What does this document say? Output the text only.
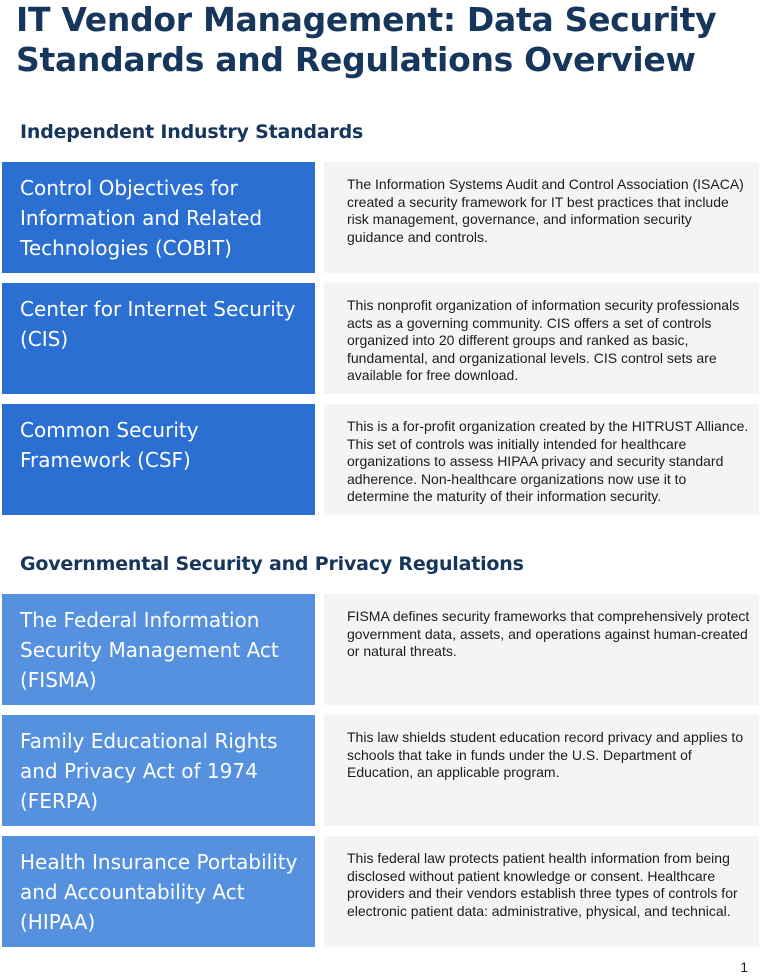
IT Vendor Management: Data Security Standards and Regulations Overview
Independent Industry Standards
Control Objectives for Information and Related Technologies (COBIT)
The Information Systems Audit and Control Association (ISACA) created a security framework for IT best practices that include risk management, governance, and information security guidance and controls.
Center for Internet Security (CIS)
This nonprofit organization of information security professionals acts as a governing community. CIS offers a set of controls organized into 20 different groups and ranked as basic, fundamental, and organizational levels. CIS control sets are available for free download.
Common Security Framework (CSF)
This is a for-profit organization created by the HITRUST Alliance. This set of controls was initially intended for healthcare organizations to assess HIPAA privacy and security standard adherence. Non-healthcare organizations now use it to determine the maturity of their information security.
Governmental Security and Privacy Regulations
The Federal Information Security Management Act (FISMA)
FISMA defines security frameworks that comprehensively protect government data, assets, and operations against human-created or natural threats.
Family Educational Rights and Privacy Act of 1974 (FERPA)
This law shields student education record privacy and applies to schools that take in funds under the U.S. Department of Education, an applicable program.
Health Insurance Portability and Accountability Act (HIPAA)
This federal law protects patient health information from being disclosed without patient knowledge or consent. Healthcare providers and their vendors establish three types of controls for electronic patient data: administrative, physical, and technical.
1
